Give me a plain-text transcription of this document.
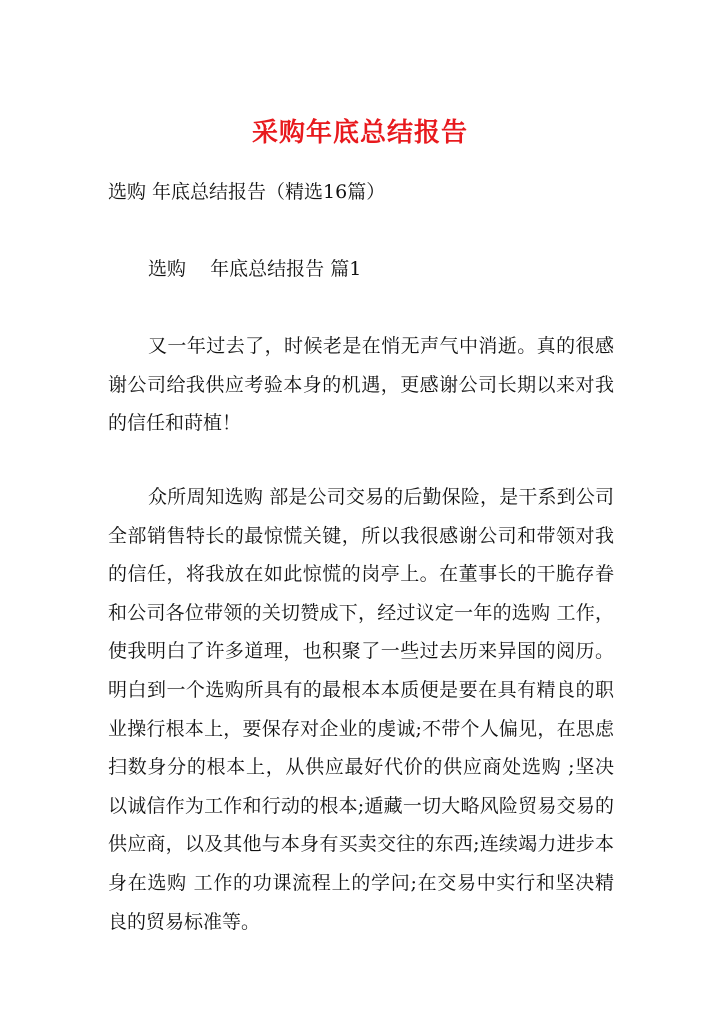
采购年底总结报告

选购 年底总结报告（精选16篇）

选购    年底总结报告 篇1

又一年过去了，时候老是在悄无声气中消逝。真的很感谢公司给我供应考验本身的机遇，更感谢公司长期以来对我的信任和莳植！

众所周知选购 部是公司交易的后勤保险，是干系到公司全部销售特长的最惊慌关键，所以我很感谢公司和带领对我的信任，将我放在如此惊慌的岗亭上。在董事长的干脆存眷和公司各位带领的关切赞成下，经过议定一年的选购 工作，使我明白了许多道理，也积聚了一些过去历来异国的阅历。明白到一个选购所具有的最根本本质便是要在具有精良的职业操行根本上，要保存对企业的虔诚;不带个人偏见，在思虑扫数身分的根本上，从供应最好代价的供应商处选购 ;坚决以诚信作为工作和行动的根本;遁藏一切大略风险贸易交易的供应商，以及其他与本身有买卖交往的东西;连续竭力进步本身在选购 工作的功课流程上的学问;在交易中实行和坚决精良的贸易标准等。
